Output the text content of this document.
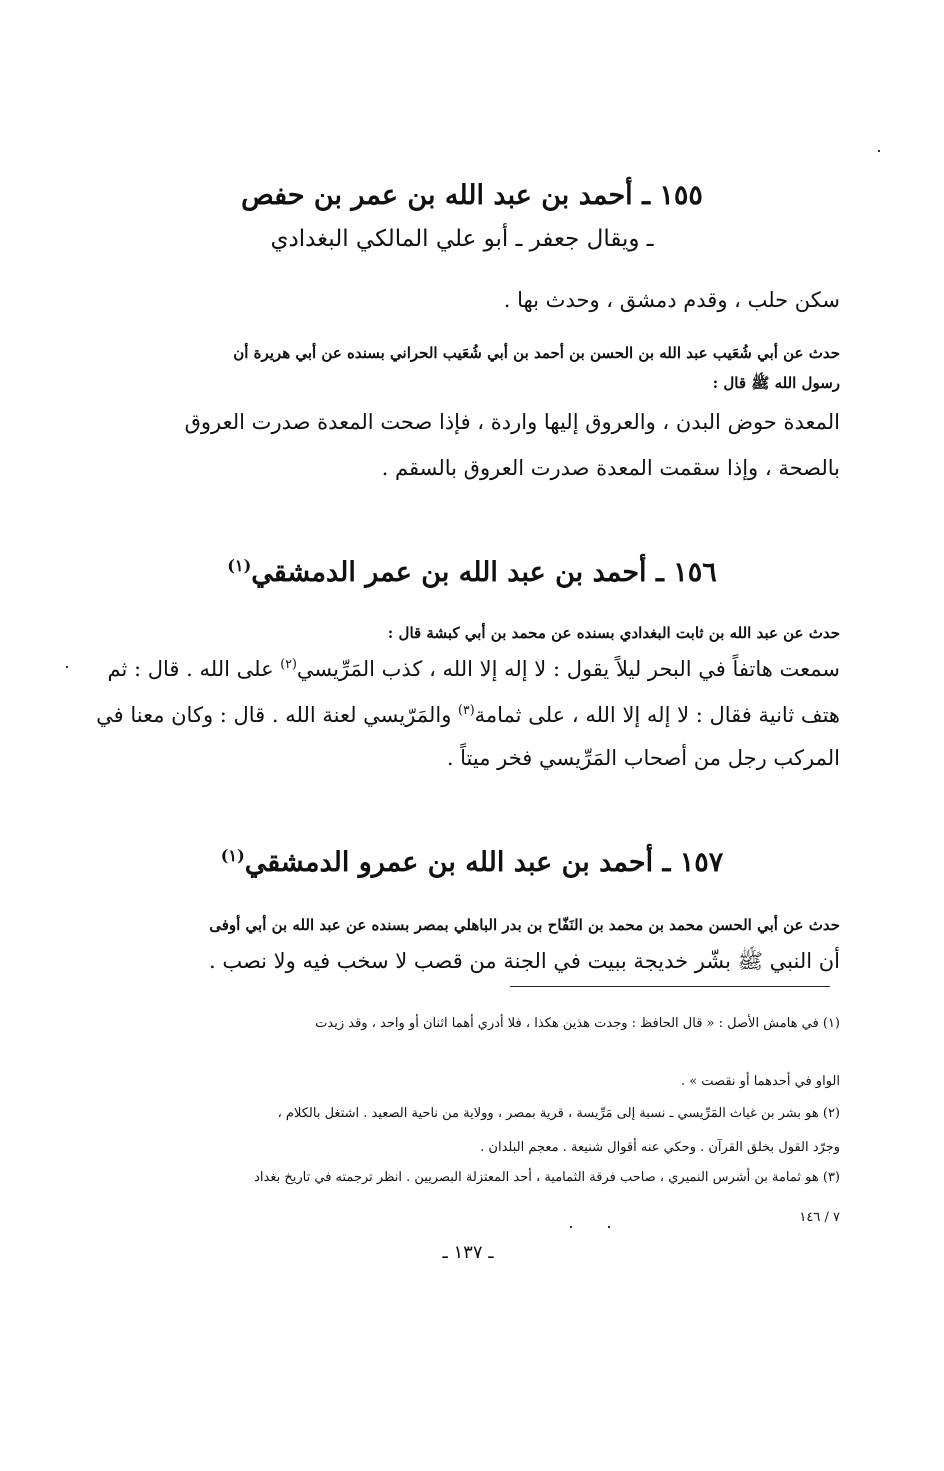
١٥٥ ـ أحمد بن عبد الله بن عمر بن حفص
ـ ويقال جعفر ـ أبو علي المالكي البغدادي
سكن حلب ، وقدم دمشق ، وحدث بها .
حدث عن أبي شُعَيب عبد الله بن الحسن بن أحمد بن أبي شُعَيب الحراني بسنده عن أبي هريرة أن
رسول الله ﷺ قال :
المعدة حوض البدن ، والعروق إليها واردة ، فإذا صحت المعدة صدرت العروق
بالصحة ، وإذا سقمت المعدة صدرت العروق بالسقم .
١٥٦ ـ أحمد بن عبد الله بن عمر الدمشقي$^{(١)}$
حدث عن عبد الله بن ثابت البغدادي بسنده عن محمد بن أبي كبشة قال :
سمعت هاتفاً في البحر ليلاً يقول : لا إله إلا الله ، كذب المَرِّيسي$^{(٢)}$ على الله . قال : ثم
هتف ثانية فقال : لا إله إلا الله ، على ثمامة$^{(٣)}$ والمَرّيسي لعنة الله . قال : وكان معنا في
المركب رجل من أصحاب المَرِّيسي فخر ميتاً .
١٥٧ ـ أحمد بن عبد الله بن عمرو الدمشقي$^{(١)}$
حدث عن أبي الحسن محمد بن محمد بن النَفّاح بن بدر الباهلي بمصر بسنده عن عبد الله بن أبي أوفى
أن النبي ﷺ بشّر خديجة ببيت في الجنة من قصب لا سخب فيه ولا نصب .
(١) في هامش الأصل : « قال الحافظ : وجدت هذين هكذا ، فلا أدري أهما اثنان أو واحد ، وقد زيدت
الواو في أحدهما أو نقصت » .
(٢) هو بشر بن غياث المَرِّيسي ـ نسبة إلى مَرِّيسة ، قرية بمصر ، وولاية من ناحية الصعيد . اشتغل بالكلام ،
وجرّد القول بخلق القرآن . وحكي عنه أقوال شنيعة . معجم البلدان .
(٣) هو ثمامة بن أشرس النميري ، صاحب فرقة الثمامية ، أحد المعتزلة البصريين . انظر ترجمته في تاريخ بغداد
٧ / ١٤٦
ـ ١٣٧ ـ
